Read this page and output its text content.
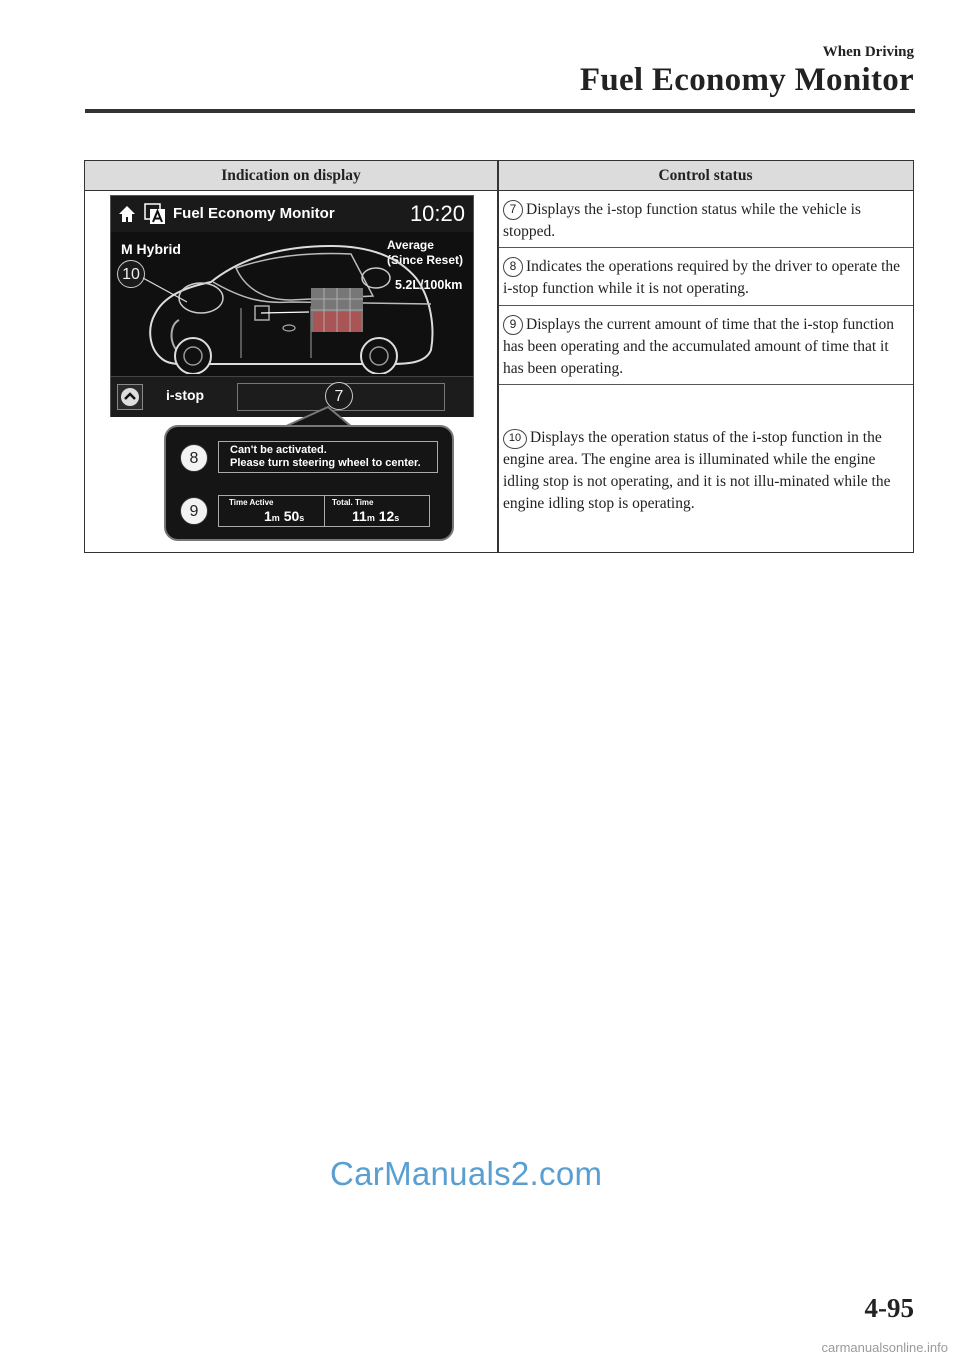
When Driving
Fuel Economy Monitor
Indication on display	Control status
7 Displays the i-stop function status while the vehicle is stopped.
8 Indicates the operations required by the driver to operate the i-stop function while it is not operating.
9 Displays the current amount of time that the i-stop function has been operating and the accumulated amount of time that it has been operating.
10 Displays the operation status of the i-stop function in the engine area. The engine area is illuminated while the engine idling stop is not operating, and it is not illu-minated while the engine idling stop is operating.
Fuel Economy Monitor	10:20
M Hybrid	Average
(Since Reset)
5.2L/100km
10
i-stop	7
8	Can't be activated.
Please turn steering wheel to center.
9
Time Active	Total. Time
1m 50s	11m 12s
CarManuals2.com
4-95
carmanualsonline.info
